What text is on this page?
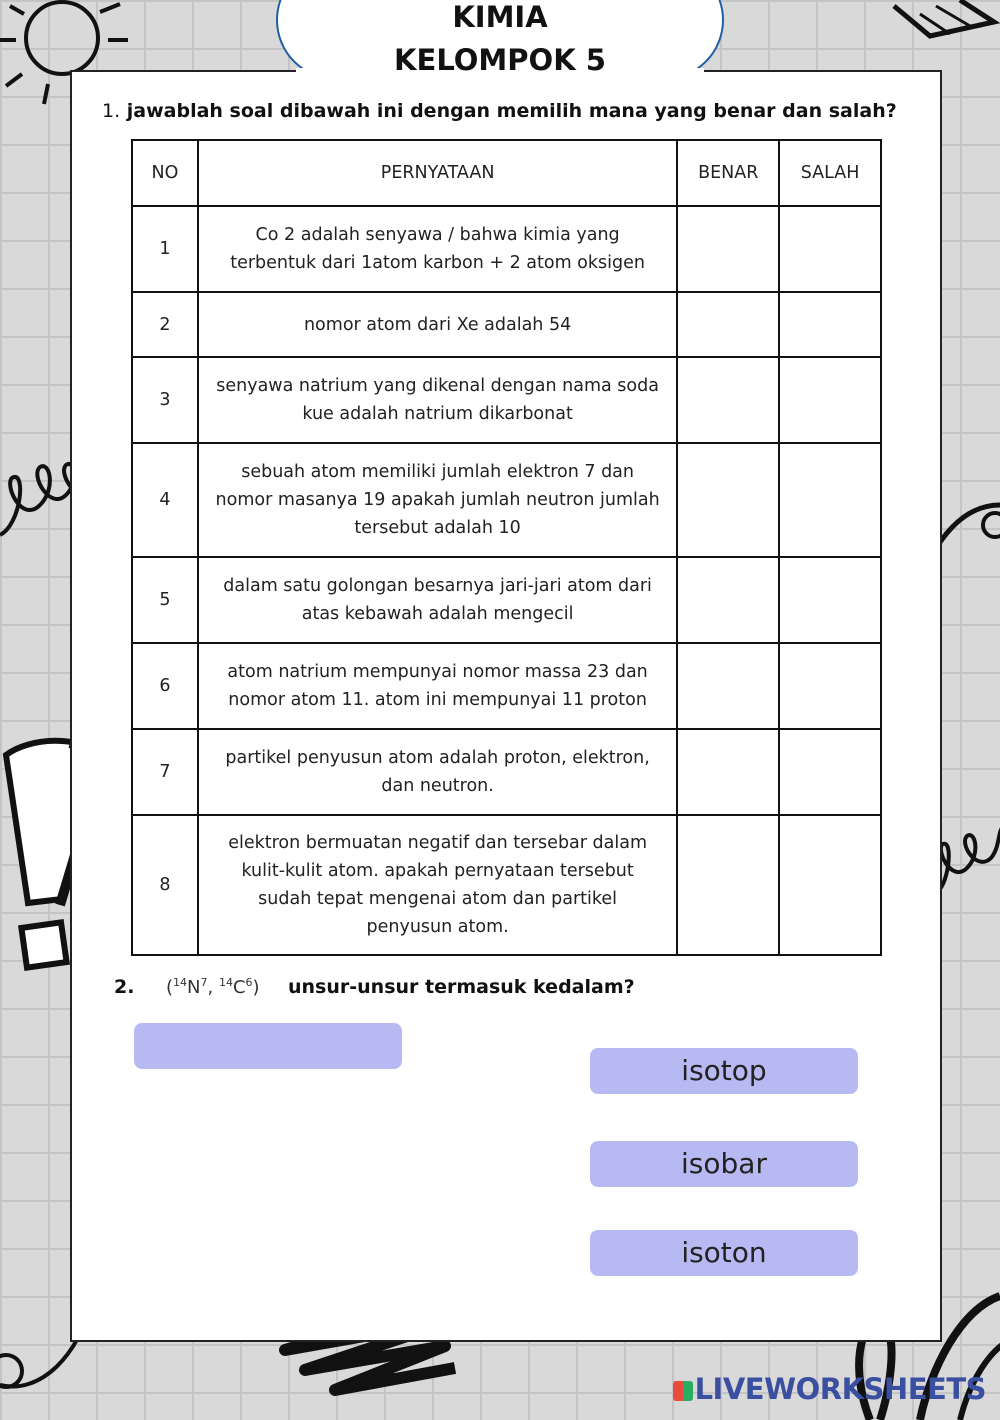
KIMIA
KELOMPOK 5
1. jawablah soal dibawah ini dengan memilih mana yang benar dan salah?
NO	PERNYATAAN	BENAR	SALAH
1	Co 2 adalah senyawa / bahwa kimia yang terbentuk dari 1atom karbon + 2 atom oksigen		
2	nomor atom dari Xe adalah 54		
3	senyawa natrium yang dikenal dengan nama soda kue adalah natrium dikarbonat		
4	sebuah atom memiliki jumlah elektron 7 dan nomor masanya 19 apakah jumlah neutron jumlah tersebut adalah 10		
5	dalam satu golongan besarnya jari-jari atom dari atas kebawah adalah mengecil		
6	atom natrium mempunyai nomor massa 23 dan nomor atom 11. atom ini mempunyai 11 proton		
7	partikel penyusun atom adalah proton, elektron, dan neutron.		
8	elektron bermuatan negatif dan tersebar dalam kulit-kulit atom. apakah pernyataan tersebut sudah tepat mengenai atom dan partikel penyusun atom.		
2. ($^{14}N^7$, $^{14}C^6$) unsur-unsur termasuk kedalam?
isotop
isobar
isoton
LIVEWORKSHEETS
